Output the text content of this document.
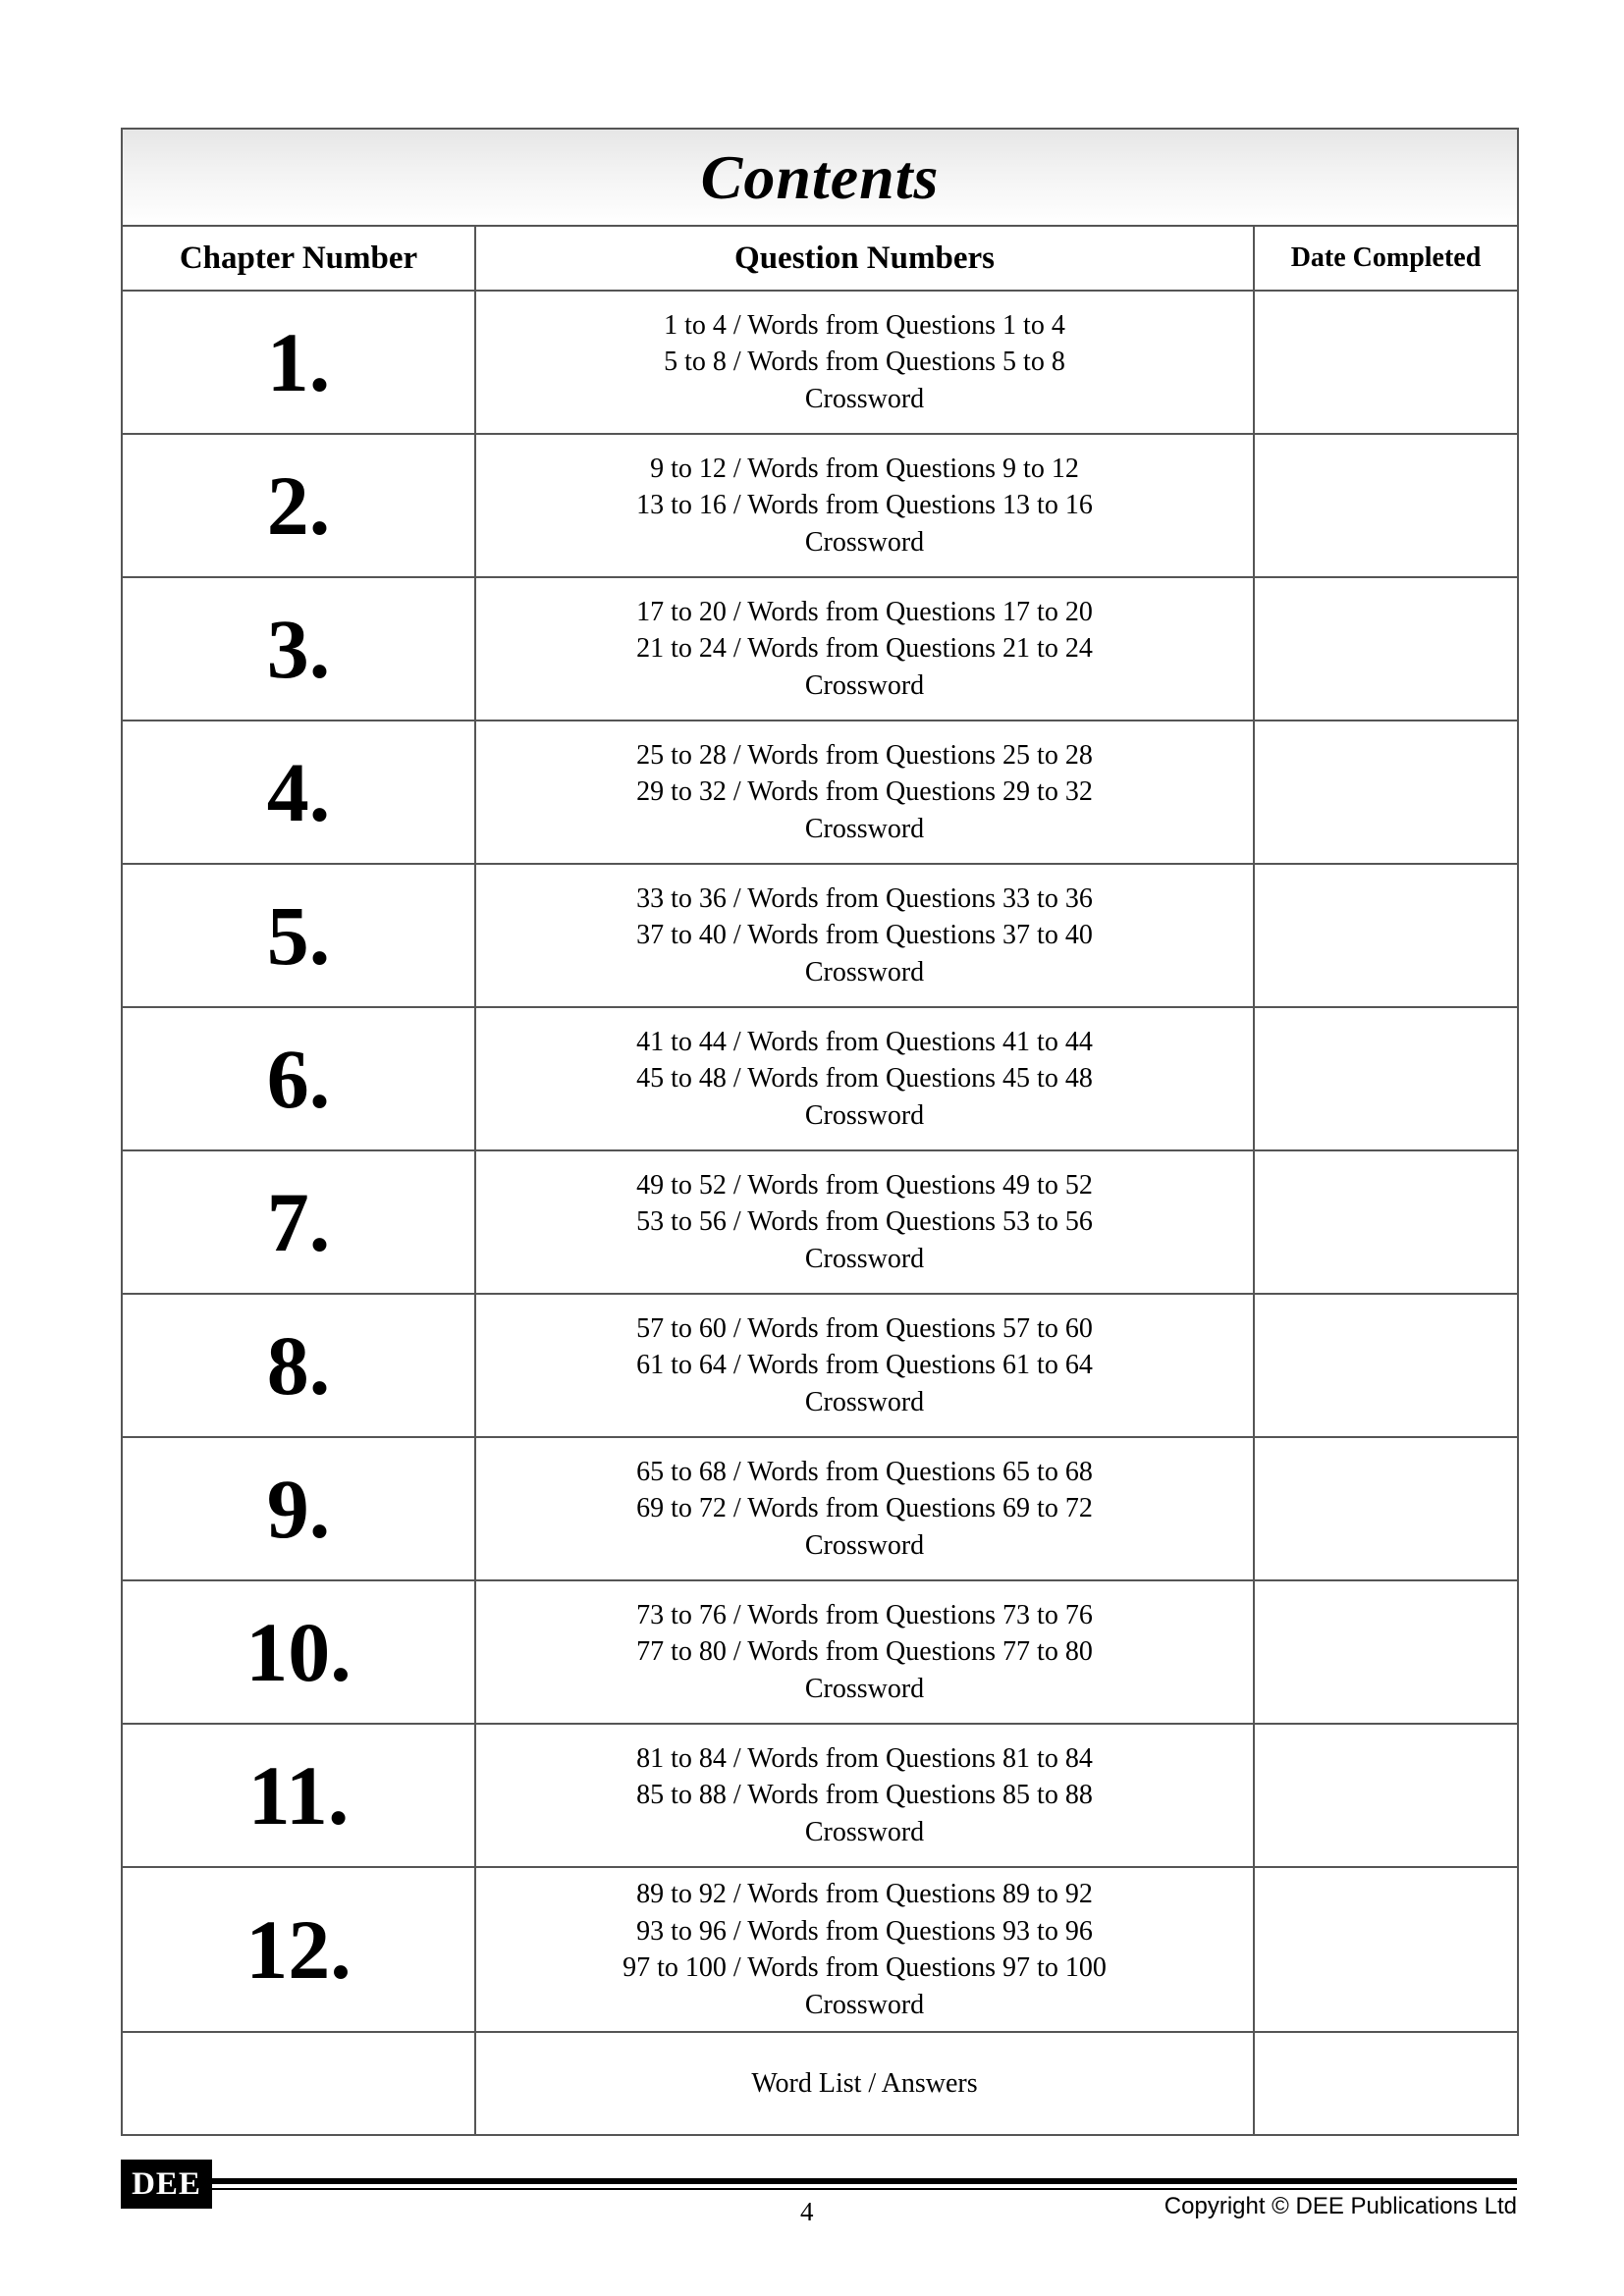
Contents		
Chapter Number	Question Numbers	Date Completed
1.	1 to 4 / Words from Questions 1 to 4
5 to 8 / Words from Questions 5 to 8
Crossword	

2.	9 to 12 / Words from Questions 9 to 12
13 to 16 / Words from Questions 13 to 16
Crossword	

3.	17 to 20 / Words from Questions 17 to 20
21 to 24 / Words from Questions 21 to 24
Crossword	

4.	25 to 28 / Words from Questions 25 to 28
29 to 32 / Words from Questions 29 to 32
Crossword	

5.	33 to 36 / Words from Questions 33 to 36
37 to 40 / Words from Questions 37 to 40
Crossword	

6.	41 to 44 / Words from Questions 41 to 44
45 to 48 / Words from Questions 45 to 48
Crossword	

7.	49 to 52 / Words from Questions 49 to 52
53 to 56 / Words from Questions 53 to 56
Crossword	

8.	57 to 60 / Words from Questions 57 to 60
61 to 64 / Words from Questions 61 to 64
Crossword	

9.	65 to 68 / Words from Questions 65 to 68
69 to 72 / Words from Questions 69 to 72
Crossword	

10.	73 to 76 / Words from Questions 73 to 76
77 to 80 / Words from Questions 77 to 80
Crossword	

11.	81 to 84 / Words from Questions 81 to 84
85 to 88 / Words from Questions 85 to 88
Crossword	

12.	89 to 92 / Words from Questions 89 to 92
93 to 96 / Words from Questions 93 to 96
97 to 100 / Words from Questions 97 to 100
Crossword	

	Word List / Answers	
DEE
4	Copyright © DEE Publications Ltd
